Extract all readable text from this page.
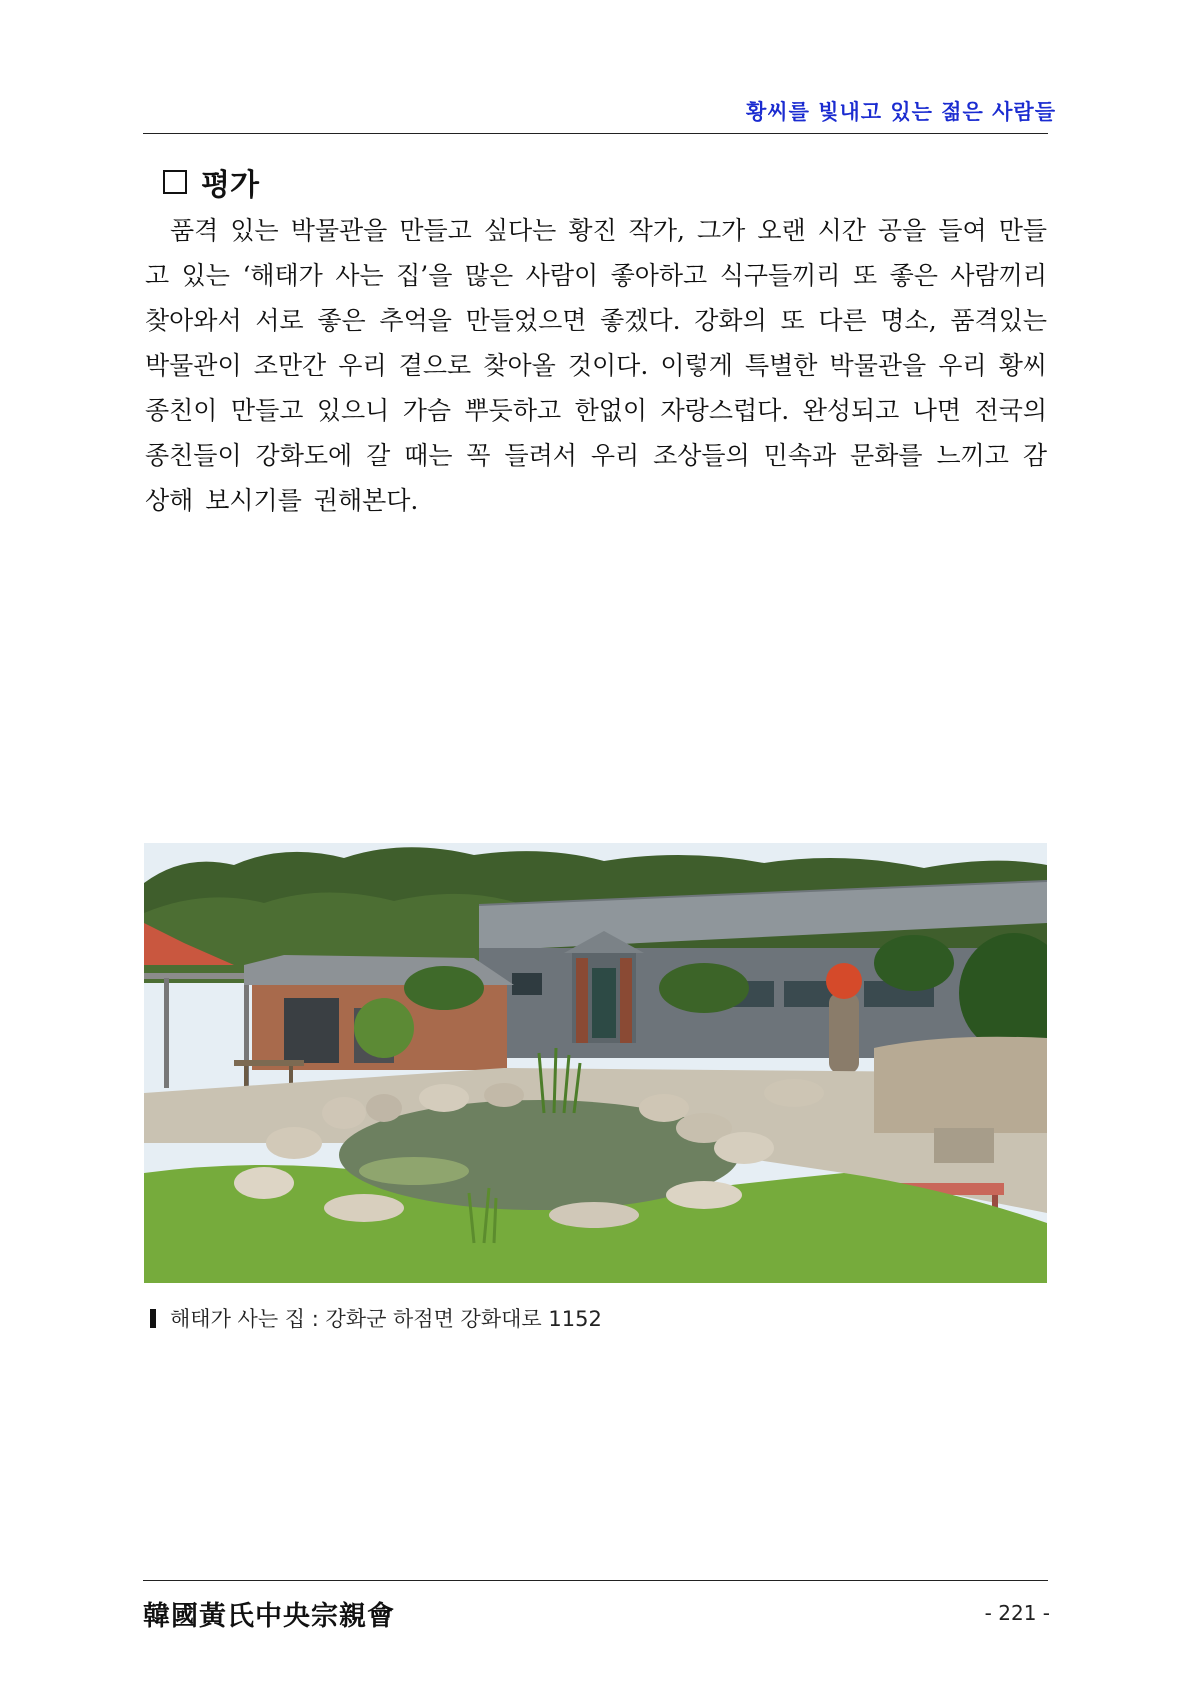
황씨를 빛내고 있는 젊은 사람들
평가

품격 있는 박물관을 만들고 싶다는 황진 작가, 그가 오랜 시간 공을 들여 만들고 있는 ‘해태가 사는 집’을 많은 사람이 좋아하고 식구들끼리 또 좋은 사람끼리 찾아와서 서로 좋은 추억을 만들었으면 좋겠다. 강화의 또 다른 명소, 품격있는 박물관이 조만간 우리 곁으로 찾아올 것이다. 이렇게 특별한 박물관을 우리 황씨 종친이 만들고 있으니 가슴 뿌듯하고 한없이 자랑스럽다. 완성되고 나면 전국의 종친들이 강화도에 갈 때는 꼭 들려서 우리 조상들의 민속과 문화를 느끼고 감상해 보시기를 권해본다.

해태가 사는 집 : 강화군 하점면 강화대로 1152
韓國黃氏中央宗親會	- 221 -
